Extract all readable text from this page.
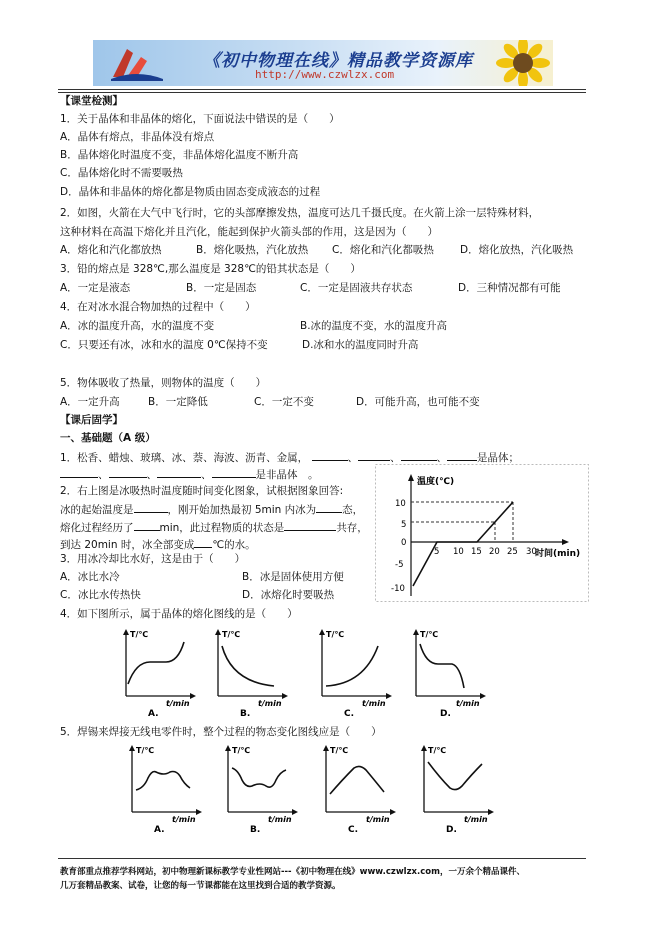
《初中物理在线》精品教学资源库
http://www.czwlzx.com
【课堂检测】
1．关于晶体和非晶体的熔化，下面说法中错误的是（　　）
A．晶体有熔点，非晶体没有熔点
B．晶体熔化时温度不变，非晶体熔化温度不断升高
C．晶体熔化时不需要吸热
D．晶体和非晶体的熔化都是物质由固态变成液态的过程
2．如图，火箭在大气中飞行时，它的头部摩擦发热，温度可达几千摄氏度。在火箭上涂一层特殊材料，
这种材料在高温下熔化并且汽化，能起到保护火箭头部的作用，这是因为（　　）
A．熔化和汽化都放热	B．熔化吸热，汽化放热 C．熔化和汽化都吸热 D．熔化放热，汽化吸热
3．铅的熔点是 328℃,那么温度是 328℃的铅其状态是（　　）
A．一定是液态	B．一定是固态	C．一定是固液共存状态	D．三种情况都有可能
4．在对冰水混合物加热的过程中（　　）
A．冰的温度升高，水的温度不变	B.冰的温度不变，水的温度升高
C．只要还有冰，冰和水的温度 0℃保持不变	D.冰和水的温度同时升高
5．物体吸收了热量，则物体的温度（　　）
A．一定升高	B．一定降低	C．一定不变	D．可能升高，也可能不变
【课后固学】
一、基础题（A 级）
1．松香、蜡烛、玻璃、冰、萘、海波、沥青、金属，	、	、	、	是晶体；
、	、	、	是非晶体　。
2．右上图是冰吸热时温度随时间变化图象，试根据图象回答:
冰的起始温度是	，刚开始加热最初 5min 内冰为 态，
熔化过程经历了 min，此过程物质的状态是	共存，
到达 20min 时，冰全部变成 ℃的水。
温度(℃)
时间(min)
10
5
0
-5
-10
5 10 15 20 25 30
3．用冰冷却比水好，这是由于（　　）
A．冰比水冷	B．冰是固体使用方便
C．冰比水传热快	D．冰熔化时要吸热
4．如下图所示，属于晶体的熔化图线的是（　　）
T/℃
t/min
A.
T/℃
t/min
B.
T/℃
t/min
C.
T/℃
t/min
D.
5．焊锡来焊接无线电零件时，整个过程的物态变化图线应是（　　）
T/℃
t/min
A.
T/℃
t/min
B.
T/℃
t/min
C.
T/℃
t/min
D.
教育部重点推荐学科网站，初中物理新课标教学专业性网站---《初中物理在线》www.czwlzx.com，一万余个精品课件、
几万套精品教案、试卷，让您的每一节课都能在这里找到合适的教学资源。
